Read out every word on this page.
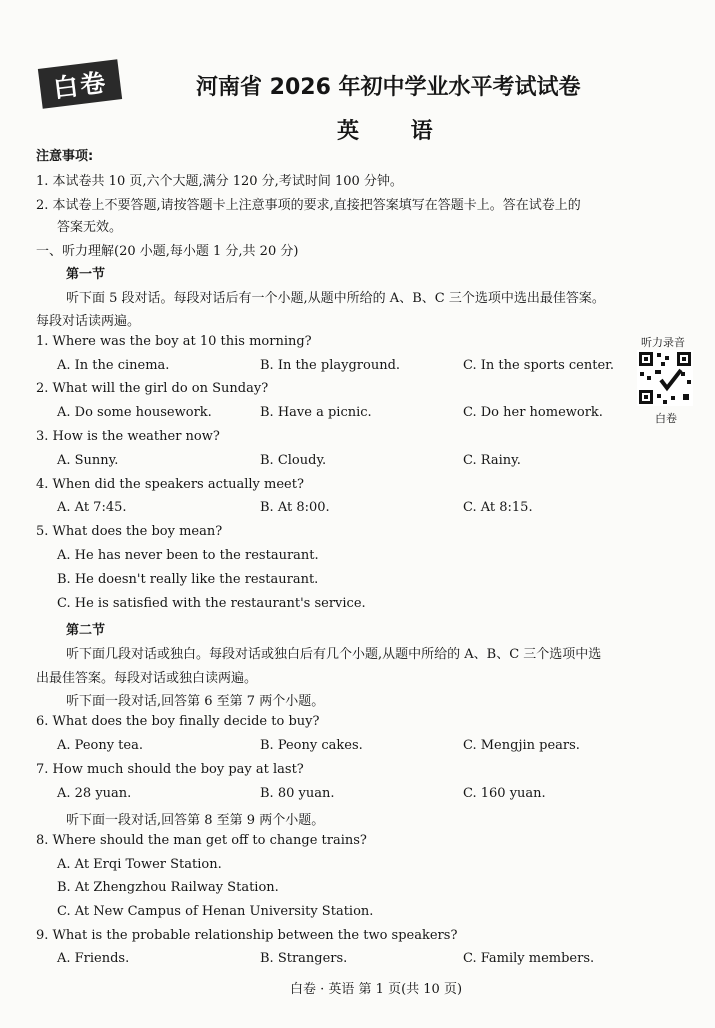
白卷	河南省 2026 年初中学业水平考试试卷
英 语
注意事项:
1. 本试卷共 10 页,六个大题,满分 120 分,考试时间 100 分钟。
2. 本试卷上不要答题,请按答题卡上注意事项的要求,直接把答案填写在答题卡上。答在试卷上的
答案无效。
一、听力理解(20 小题,每小题 1 分,共 20 分)
第一节
听下面 5 段对话。每段对话后有一个小题,从题中所给的 A、B、C 三个选项中选出最佳答案。
每段对话读两遍。
听力录音
白卷
1. Where was the boy at 10 this morning?
A. In the cinema.	B. In the playground.	C. In the sports center.
2. What will the girl do on Sunday?
A. Do some housework.	B. Have a picnic.	C. Do her homework.
3. How is the weather now?
A. Sunny.	B. Cloudy.	C. Rainy.
4. When did the speakers actually meet?
A. At 7:45.	B. At 8:00.	C. At 8:15.
5. What does the boy mean?
A. He has never been to the restaurant.
B. He doesn't really like the restaurant.
C. He is satisfied with the restaurant's service.
第二节
听下面几段对话或独白。每段对话或独白后有几个小题,从题中所给的 A、B、C 三个选项中选
出最佳答案。每段对话或独白读两遍。
听下面一段对话,回答第 6 至第 7 两个小题。
6. What does the boy finally decide to buy?
A. Peony tea.	B. Peony cakes.	C. Mengjin pears.
7. How much should the boy pay at last?
A. 28 yuan.	B. 80 yuan.	C. 160 yuan.
听下面一段对话,回答第 8 至第 9 两个小题。
8. Where should the man get off to change trains?
A. At Erqi Tower Station.
B. At Zhengzhou Railway Station.
C. At New Campus of Henan University Station.
9. What is the probable relationship between the two speakers?
A. Friends.	B. Strangers.	C. Family members.
白卷 · 英语 第 1 页(共 10 页)
